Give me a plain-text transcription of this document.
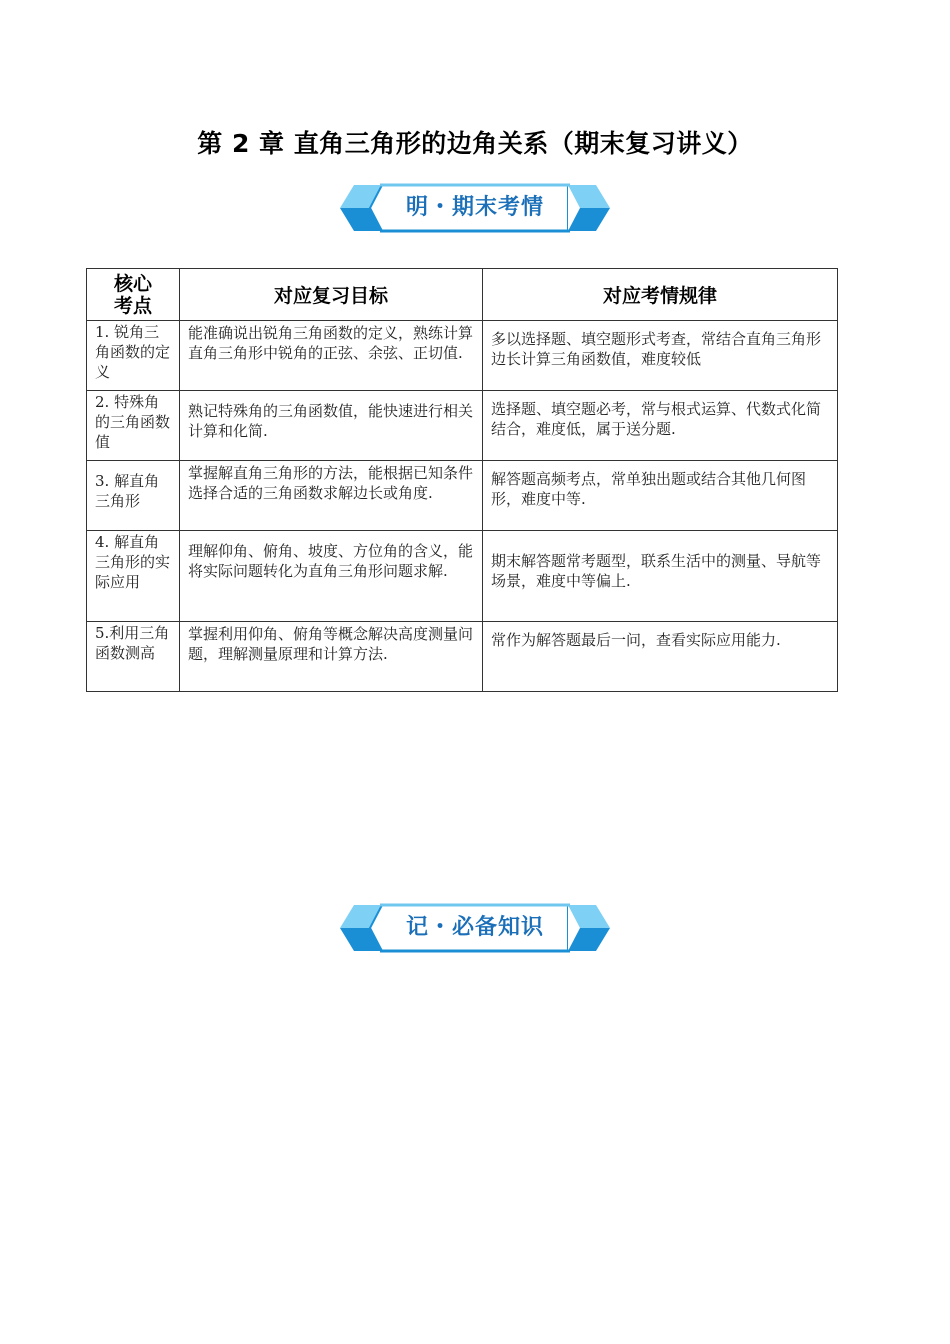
第 2 章 直角三角形的边角关系（期末复习讲义）
明・期末考情
核心
考点	对应复习目标	对应考情规律

1. 锐角三角函数的定义	能准确说出锐角三角函数的定义，熟练计算直角三角形中锐角的正弦、余弦、正切值.	多以选择题、填空题形式考查，常结合直角三角形边长计算三角函数值，难度较低

2. 特殊角的三角函数值	熟记特殊角的三角函数值，能快速进行相关计算和化简.	选择题、填空题必考，常与根式运算、代数式化简结合，难度低，属于送分题.

3. 解直角三角形	掌握解直角三角形的方法，能根据已知条件选择合适的三角函数求解边长或角度.	解答题高频考点，常单独出题或结合其他几何图形，难度中等.

4. 解直角三角形的实际应用	理解仰角、俯角、坡度、方位角的含义，能将实际问题转化为直角三角形问题求解.	期末解答题常考题型，联系生活中的测量、导航等场景，难度中等偏上.

5.利用三角函数测高	掌握利用仰角、俯角等概念解决高度测量问题，理解测量原理和计算方法.	常作为解答题最后一问，查看实际应用能力.
记・必备知识
